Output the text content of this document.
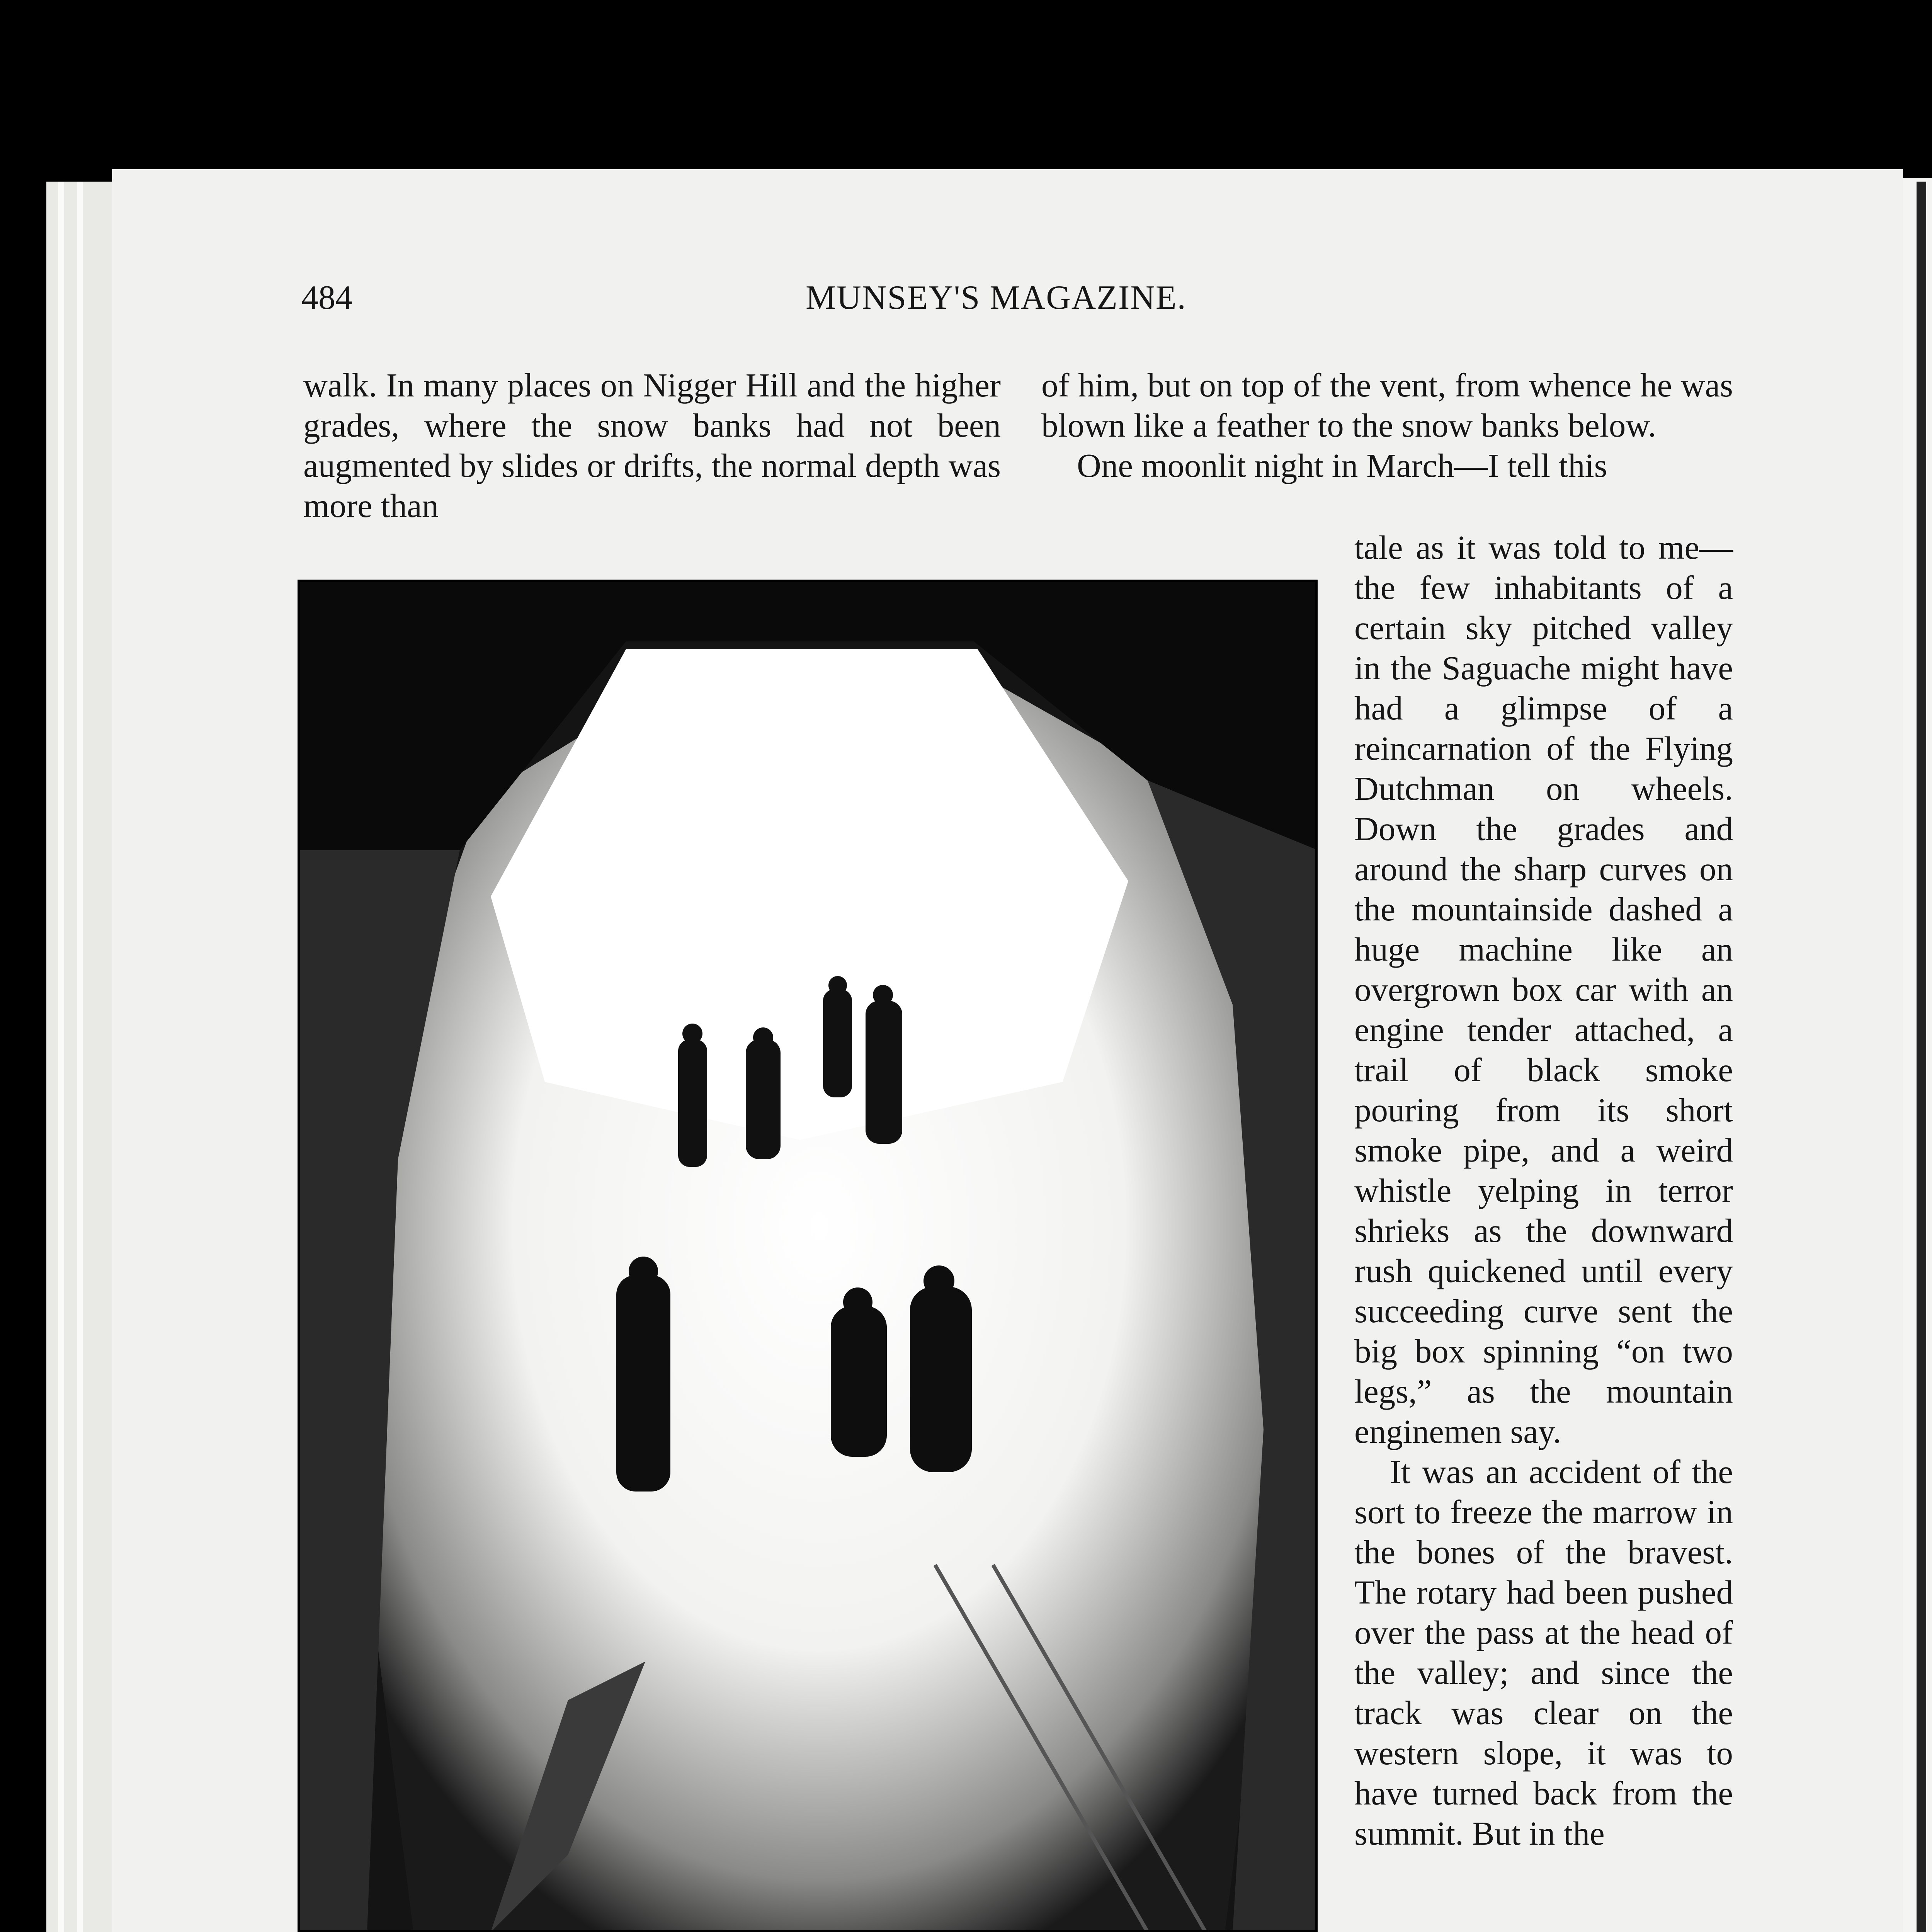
484	MUNSEY'S MAGAZINE.

walk. In many places on Nigger Hill and the higher grades, where the snow banks had not been augmented by slides or drifts, the normal depth was more than

of him, but on top of the vent, from whence he was blown like a feather to the snow banks below.

One moonlit night in March—I tell this

tale as it was told to me—the few inhabitants of a certain sky pitched valley in the Saguache might have had a glimpse of a reincarnation of the Flying Dutchman on wheels. Down the grades and around the sharp curves on the mountainside dashed a huge machine like an overgrown box car with an engine tender attached, a trail of black smoke pouring from its short smoke pipe, and a weird whistle yelping in terror shrieks as the downward rush quickened until every succeeding curve sent the big box spinning “on two legs,” as the mountain enginemen say.

It was an accident of the sort to freeze the marrow in the bones of the bravest. The rotary had been pushed over the pass at the head of the valley; and since the track was clear on the western slope, it was to have turned back from the summit. But in the
